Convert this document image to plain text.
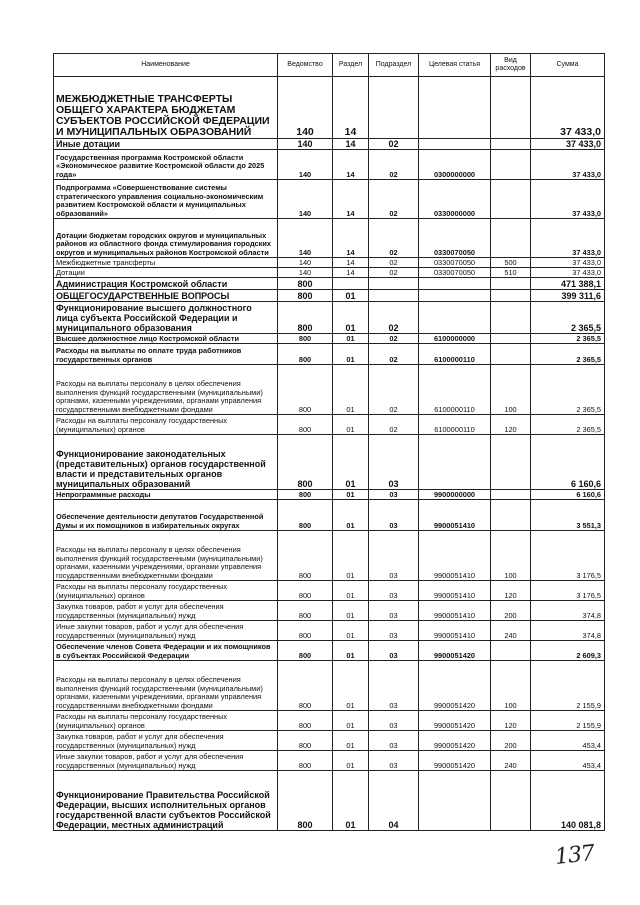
Наименование	Ведомство	Раздел	Подраздел	Целевая статья	Вид расходов	Сумма
МЕЖБЮДЖЕТНЫЕ ТРАНСФЕРТЫ ОБЩЕГО ХАРАКТЕРА БЮДЖЕТАМ СУБЪЕКТОВ РОССИЙСКОЙ ФЕДЕРАЦИИ И МУНИЦИПАЛЬНЫХ ОБРАЗОВАНИЙ	140	14				37 433,0
Иные дотации	140	14	02			37 433,0
Государственная программа Костромской области «Экономическое развитие Костромской области до 2025 года»	140	14	02	0300000000		37 433,0
Подпрограмма «Совершенствование системы стратегического управления социально-экономическим развитием Костромской области и муниципальных образований»	140	14	02	0330000000		37 433,0
Дотации бюджетам городских округов и муниципальных районов из областного фонда стимулирования городских округов и муниципальных районов Костромской области	140	14	02	0330070050		37 433,0
Межбюджетные трансферты	140	14	02	0330070050	500	37 433,0
Дотации	140	14	02	0330070050	510	37 433,0
Администрация Костромской области	800					471 388,1
ОБЩЕГОСУДАРСТВЕННЫЕ ВОПРОСЫ	800	01				399 311,6
Функционирование высшего должностного лица субъекта Российской Федерации и муниципального образования	800	01	02			2 365,5
Высшее должностное лицо Костромской области	800	01	02	6100000000		2 365,5
Расходы на выплаты по оплате труда работников государственных органов	800	01	02	6100000110		2 365,5
Расходы на выплаты персоналу в целях обеспечения выполнения функций государственными (муниципальными) органами, казенными учреждениями, органами управления государственными внебюджетными фондами	800	01	02	6100000110	100	2 365,5
Расходы на выплаты персоналу государственных (муниципальных) органов	800	01	02	6100000110	120	2 365,5
Функционирование законодательных (представительных) органов государственной власти и представительных органов муниципальных образований	800	01	03			6 160,6
Непрограммные расходы	800	01	03	9900000000		6 160,6
Обеспечение деятельности депутатов Государственной Думы и их помощников в избирательных округах	800	01	03	9900051410		3 551,3
Расходы на выплаты персоналу в целях обеспечения выполнения функций государственными (муниципальными) органами, казенными учреждениями, органами управления государственными внебюджетными фондами	800	01	03	9900051410	100	3 176,5
Расходы на выплаты персоналу государственных (муниципальных) органов	800	01	03	9900051410	120	3 176,5
Закупка товаров, работ и услуг для обеспечения государственных (муниципальных) нужд	800	01	03	9900051410	200	374,8
Иные закупки товаров, работ и услуг для обеспечения государственных (муниципальных) нужд	800	01	03	9900051410	240	374,8
Обеспечение членов Совета Федерации и их помощников в субъектах Российской Федерации	800	01	03	9900051420		2 609,3
Расходы на выплаты персоналу в целях обеспечения выполнения функций государственными (муниципальными) органами, казенными учреждениями, органами управления государственными внебюджетными фондами	800	01	03	9900051420	100	2 155,9
Расходы на выплаты персоналу государственных (муниципальных) органов	800	01	03	9900051420	120	2 155,9
Закупка товаров, работ и услуг для обеспечения государственных (муниципальных) нужд	800	01	03	9900051420	200	453,4
Иные закупки товаров, работ и услуг для обеспечения государственных (муниципальных) нужд	800	01	03	9900051420	240	453,4
Функционирование Правительства Российской Федерации, высших исполнительных органов государственной власти субъектов Российской Федерации, местных администраций	800	01	04			140 081,8
137
